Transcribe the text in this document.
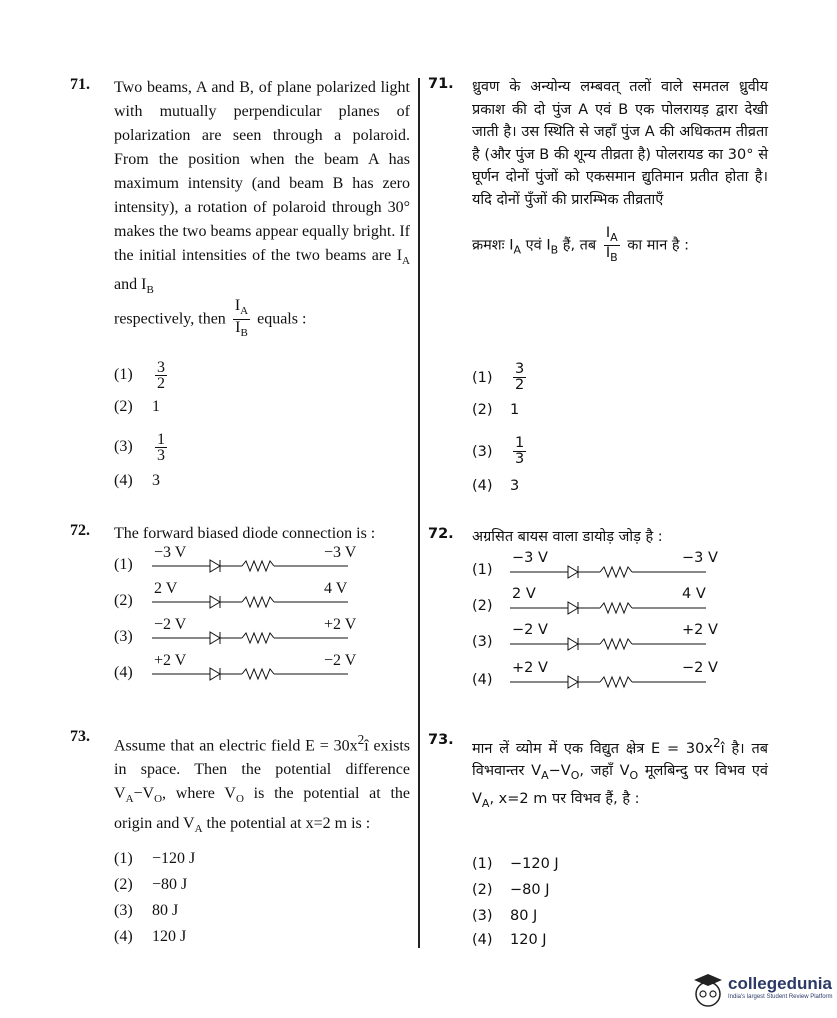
71. Two beams, A and B, of plane polarized light with mutually perpendicular planes of polarization are seen through a polaroid. From the position when the beam A has maximum intensity (and beam B has zero intensity), a rotation of polaroid through 30° makes the two beams appear equally bright. If the initial intensities of the two beams are $I_A$ and $I_B$
respectively, then $\frac{I_A}{I_B}$ equals :
$(1) \frac{3}{2}$
(2) 1
$(3) \frac{1}{3}$
(4) 3
72. The forward biased diode connection is :
(1)
−3 V	−3 V
(2)
2 V	4 V
(3)
−2 V	+2 V
(4)
+2 V	−2 V
73.
Assume that an electric field $E = 30x^2î$ exists in space. Then the potential difference $V_A-V_O$, where $V_O$ is the potential at the origin and $V_A$ the potential at x=2 m is :
(1) −120 J
(2) −80 J
(3) 80 J
(4) 120 J
71. ध्रुवण के अन्योन्य लम्बवत् तलों वाले समतल ध्रुवीय प्रकाश की दो पुंज A एवं B एक पोलरायड़ द्वारा देखी जाती है। उस स्थिति से जहाँ पुंज A की अधिकतम तीव्रता है (और पुंज B की शून्य तीव्रता है) पोलरायड का 30° से घूर्णन दोनों पुंजों को एकसमान द्युतिमान प्रतीत होता है। यदि दोनों पुँजों की प्रारम्भिक तीव्रताएँ
क्रमशः $I_A$ एवं $I_B$ हैं, तब $\frac{I_A}{I_B}$ का मान है :
$(1) \frac{3}{2}$
(2) 1
$(3) \frac{1}{3}$
(4) 3
72. अग्रसित बायस वाला डायोड़ जोड़ है :
(1)
−3 V	−3 V
(2)
2 V	4 V
(3)
−2 V	+2 V
(4)
+2 V	−2 V
73.
मान लें व्योम में एक विद्युत क्षेत्र $E = 30x^2î$ है। तब विभवान्तर $V_A-V_O$, जहाँ $V_O$ मूलबिन्दु पर विभव एवं $V_A$, x=2 m पर विभव हैं, है :
(1) −120 J
(2) −80 J
(3) 80 J
(4) 120 J
collegedunia
India's largest Student Review Platform
